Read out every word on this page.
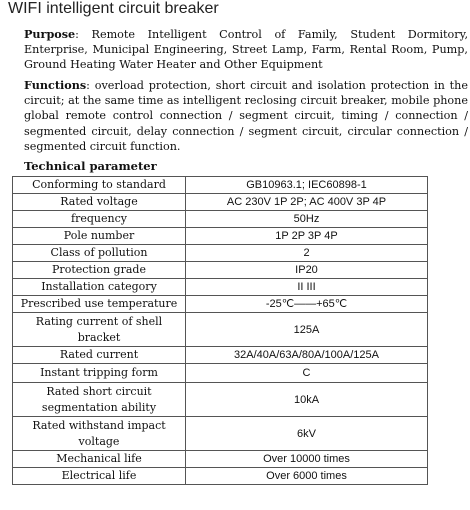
WIFI intelligent circuit breaker
Purpose: Remote Intelligent Control of Family, Student Dormitory, Enterprise, Municipal Engineering, Street Lamp, Farm, Rental Room, Pump, Ground Heating Water Heater and Other Equipment
Functions: overload protection, short circuit and isolation protection in the circuit; at the same time as intelligent reclosing circuit breaker, mobile phone global remote control connection / segment circuit, timing / connection / segmented circuit, delay connection / segment circuit, circular connection / segmented circuit function.
Technical parameter
Conforming to standard	GB10963.1; IEC60898-1
Rated voltage	AC 230V 1P 2P; AC 400V 3P 4P
frequency	50Hz
Pole number	1P 2P 3P 4P
Class of pollution	2
Protection grade	IP20
Installation category	II III
Prescribed use temperature	-25℃——+65℃
Rating current of shell bracket	125A
Rated current	32A/40A/63A/80A/100A/125A
Instant tripping form	C
Rated short circuit segmentation ability	10kA
Rated withstand impact voltage	6kV
Mechanical life	Over 10000 times
Electrical life	Over 6000 times
